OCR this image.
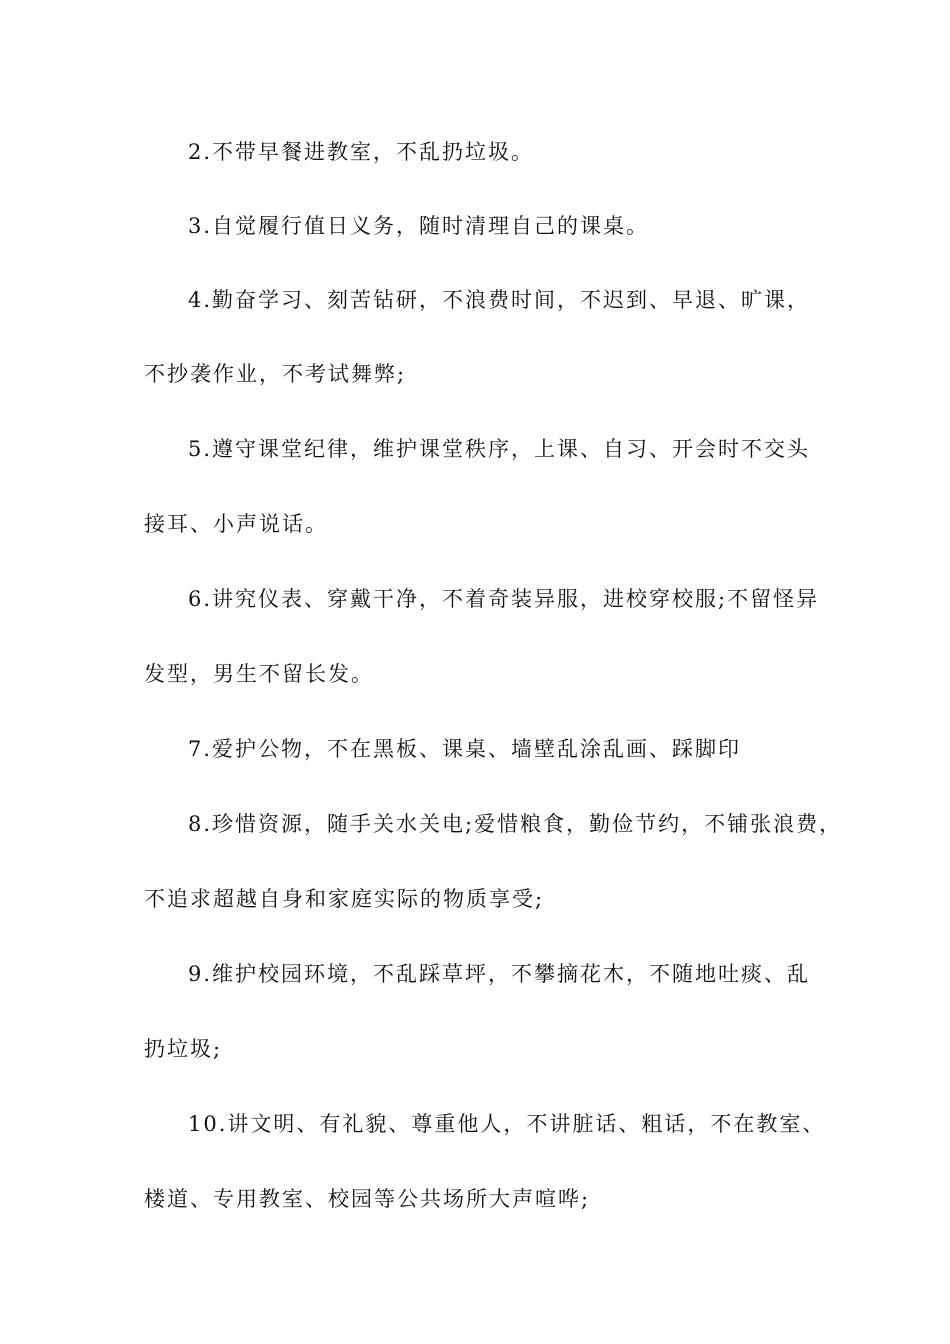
2.不带早餐进教室，不乱扔垃圾。
3.自觉履行值日义务，随时清理自己的课桌。
4.勤奋学习、刻苦钻研，不浪费时间，不迟到、早退、旷课，
不抄袭作业，不考试舞弊;
5.遵守课堂纪律，维护课堂秩序，上课、自习、开会时不交头
接耳、小声说话。
6.讲究仪表、穿戴干净，不着奇装异服，进校穿校服;不留怪异
发型，男生不留长发。
7.爱护公物，不在黑板、课桌、墙壁乱涂乱画、踩脚印
8.珍惜资源，随手关水关电;爱惜粮食，勤俭节约，不铺张浪费，
不追求超越自身和家庭实际的物质享受;
9.维护校园环境，不乱踩草坪，不攀摘花木，不随地吐痰、乱
扔垃圾;
10.讲文明、有礼貌、尊重他人，不讲脏话、粗话，不在教室、
楼道、专用教室、校园等公共场所大声喧哗;
